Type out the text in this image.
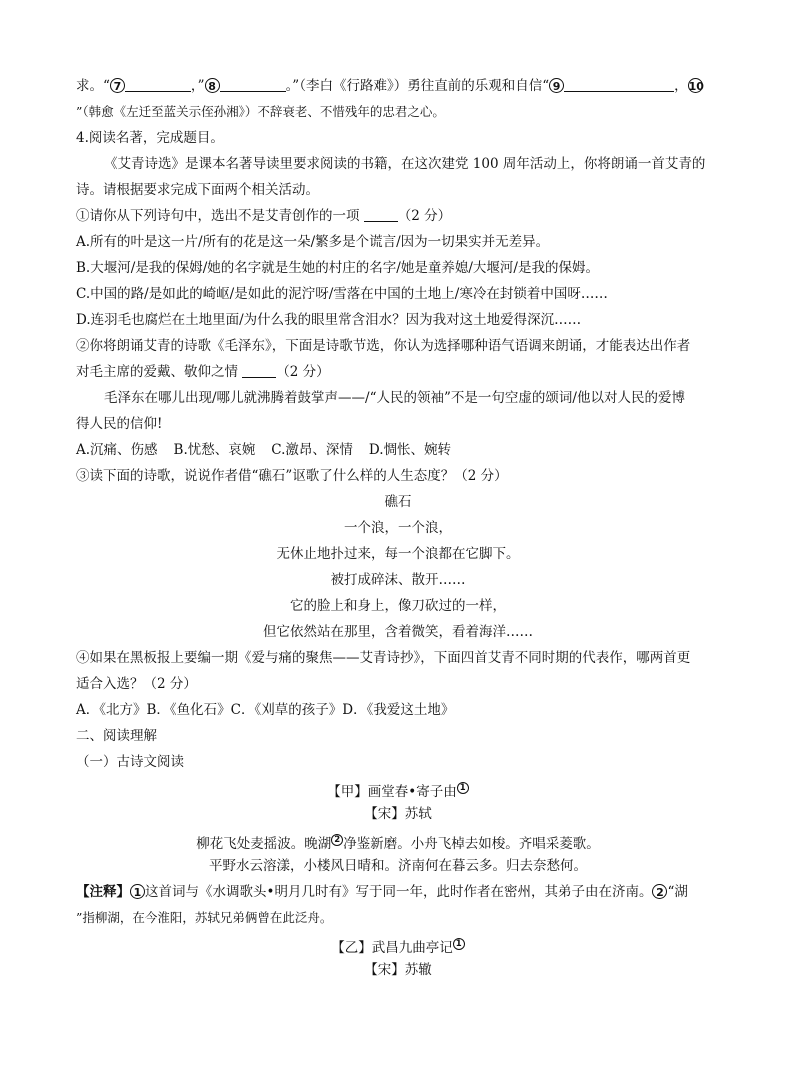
求。“ 7	，” 8	。”（李白《行路难》）勇往直前的乐观和自信“ 9	，10
”（韩愈《左迁至蓝关示侄孙湘》）不辞衰老、不惜残年的忠君之心。
4.阅读名著，完成题目。
《艾青诗选》是课本名著导读里要求阅读的书籍，在这次建党 100 周年活动上，你将朗诵一首艾青的
诗。请根据要求完成下面两个相关活动。
①请你从下列诗句中，选出不是艾青创作的一项	（2 分）
A.所有的叶是这一片/所有的花是这一朵/繁多是个谎言/因为一切果实并无差异。
B.大堰河/是我的保姆/她的名字就是生她的村庄的名字/她是童养媳/大堰河/是我的保姆。
C.中国的路/是如此的崎岖/是如此的泥泞呀/雪落在中国的土地上/寒冷在封锁着中国呀……
D.连羽毛也腐烂在土地里面/为什么我的眼里常含泪水？因为我对这土地爱得深沉……
②你将朗诵艾青的诗歌《毛泽东》，下面是诗歌节选，你认为选择哪种语气语调来朗诵，才能表达出作者
对毛主席的爱戴、敬仰之情	（2 分）
毛泽东在哪儿出现/哪儿就沸腾着鼓掌声——/“人民的领袖”不是一句空虚的颂词/他以对人民的爱博
得人民的信仰!
A.沉痛、伤感 B.忧愁、哀婉 C.激昂、深情 D.惆怅、婉转
③读下面的诗歌，说说作者借“礁石”讴歌了什么样的人生态度？（2 分）
礁石
一个浪，一个浪，
无休止地扑过来，每一个浪都在它脚下。
被打成碎沫、散开……
它的脸上和身上，像刀砍过的一样，
但它依然站在那里，含着微笑，看着海洋……
④如果在黑板报上要编一期《爱与痛的聚焦——艾青诗抄》，下面四首艾青不同时期的代表作，哪两首更
适合入选？（2 分）
A．《北方》B．《鱼化石》C．《刈草的孩子》D．《我爱这土地》
二、阅读理解
（一）古诗文阅读
【甲】画堂春•寄子由 $^1$
【宋】苏轼
柳花飞处麦摇波。晚湖 $^2$ 净鉴新磨。小舟飞棹去如梭。齐唱采菱歌。
平野水云溶漾，小楼风日晴和。济南何在暮云多。归去奈愁何。
【注释】 1 这首词与《水调歌头•明月几时有》写于同一年，此时作者在密州，其弟子由在济南。 2 “湖
”指柳湖，在今淮阳，苏轼兄弟俩曾在此泛舟。
【乙】武昌九曲亭记 $^1$
【宋】苏辙
